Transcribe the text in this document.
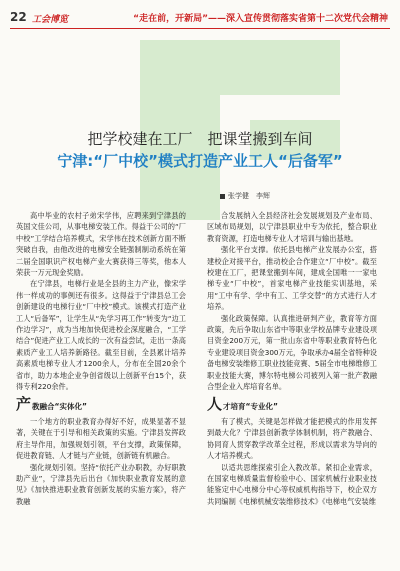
22 工会博览	“走在前，开新局”——深入宣传贯彻落实省第十二次党代会精神
把学校建在工厂　把课堂搬到车间
宁津:“厂中校”模式打造产业工人“后备军”
张学健　李辉

高中毕业的农村子弟宋学伟，应聘来到宁津县的英国文佳公司，从事电梯安装工作。得益于公司的“厂中校”工学结合培养模式，宋学伟在技术创新方面不断突破自我，由他改进的电梯安全链强制制动系统在第二届全国职识产权电梯产业大赛获得三等奖，他本人荣获一万元现金奖励。

在宁津县，电梯行业是全县的主力产业，像宋学伟一样成功的事例还有很多。这得益于宁津县总工会创新建设的电梯行业“厂中校”模式。该模式打造产业工人“后备军”，让学生从“先学习再工作”转变为“边工作边学习”，成为当地加快促进校企深度融合，“工学结合”促进产业工人成长的一次有益尝试，走出一条高素质产业工人培养新路径。截至目前，全县累计培养高素质电梯专业人才1200余人，分布在全国20余个省市，助力本地企业争创省级以上创新平台15个，获得专利220余件。

产教融合“实体化”

一个地方的职业教育办得好不好，成果显著不显著，关键在于引导和相关政策的实施。宁津县发挥政府主导作用，加强规划引领，平台支撑，政策保障，促进教育链、人才链与产业链，创新链有机融合。

强化规划引领。坚持“依托产业办职教，办好职教助产业”，宁津县先后出台《加快职业教育发展的意见》《加快推进职业教育创新发展的实施方案》，将产教融

合发展纳入全县经济社会发展规划及产业布局、区域布局规划，以宁津县职业中专为依托，整合职业教育资源，打造电梯专业人才培训与输出基地。

强化平台支撑。依托县电梯产业发展办公室，搭建校企对接平台，推动校企合作建立“厂中校”。截至校建在工厂，把课堂搬到车间，建成全国唯一一家电梯专业“厂中校”，首家电梯产业技能实训基地，采用“工中有学、学中有工、工学交替”的方式进行人才培养。

强化政策保障。认真推进研判产业，教育等方面政策，先后争取山东省中等职业学校品牌专业建设项目资金200万元，第一批山东省中等职业教育特色化专业建设项目资金300万元，争取承办4届全省特种设备电梯安装维修工职业技能竞赛、5届全市电梯维修工职业技能大赛，博尔特电梯公司被列入第一批产教融合型企业入库培育名单。

人才培育“专业化”

有了模式，关键是怎样做才能把模式的作用发挥到最大化？宁津县创新教学体制机制，将产教融合、协同育人贯穿教学改革全过程，形成以需求为导向的人才培养模式。

以适共思维探索引企入教改革。紧扣企业需求，在国家电梯质量监督检验中心、国家机械行业职业技能鉴定中心电梯分中心等权威机构指导下，校企双方共同编制《电梯机械安装维修技术》《电梯电气安装维
